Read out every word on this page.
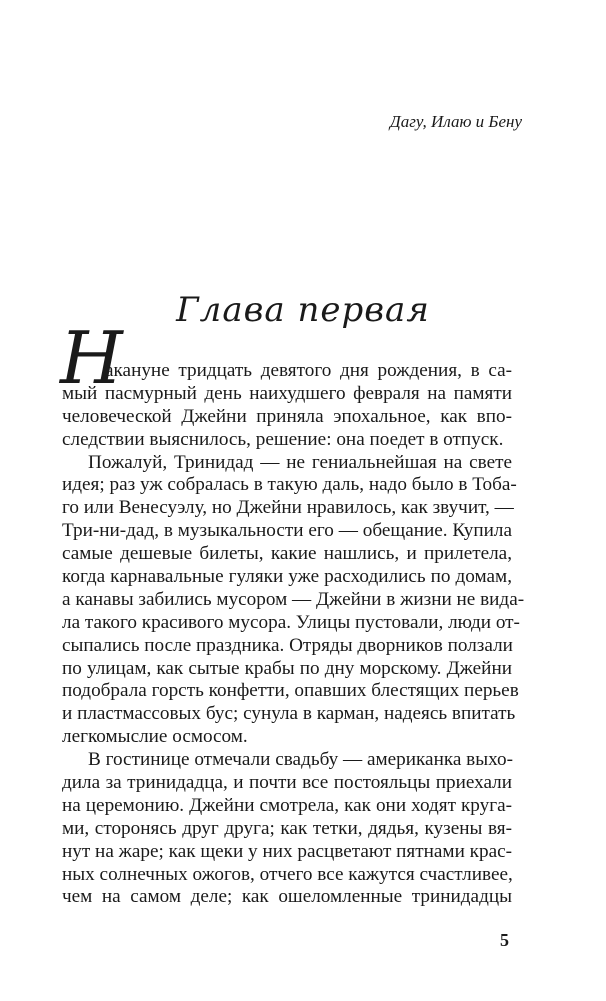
Дагу, Илаю и Бену
Глава первая
Н
акануне тридцать девятого дня рождения, в са-
мый пасмурный день наихудшего февраля на памяти
человеческой Джейни приняла эпохальное, как впо-
следствии выяснилось, решение: она поедет в отпуск.
Пожалуй, Тринидад — не гениальнейшая на свете
идея; раз уж собралась в такую даль, надо было в Тоба-
го или Венесуэлу, но Джейни нравилось, как звучит, —
Три-ни-дад, в музыкальности его — обещание. Купила
самые дешевые билеты, какие нашлись, и прилетела,
когда карнавальные гуляки уже расходились по домам,
а канавы забились мусором — Джейни в жизни не вида-
ла такого красивого мусора. Улицы пустовали, люди от-
сыпались после праздника. Отряды дворников ползали
по улицам, как сытые крабы по дну морскому. Джейни
подобрала горсть конфетти, опавших блестящих перьев
и пластмассовых бус; сунула в карман, надеясь впитать
легкомыслие осмосом.
В гостинице отмечали свадьбу — американка выхо-
дила за тринидадца, и почти все постояльцы приехали
на церемонию. Джейни смотрела, как они ходят круга-
ми, сторонясь друг друга; как тетки, дядья, кузены вя-
нут на жаре; как щеки у них расцветают пятнами крас-
ных солнечных ожогов, отчего все кажутся счастливее,
чем на самом деле; как ошеломленные тринидадцы
5
